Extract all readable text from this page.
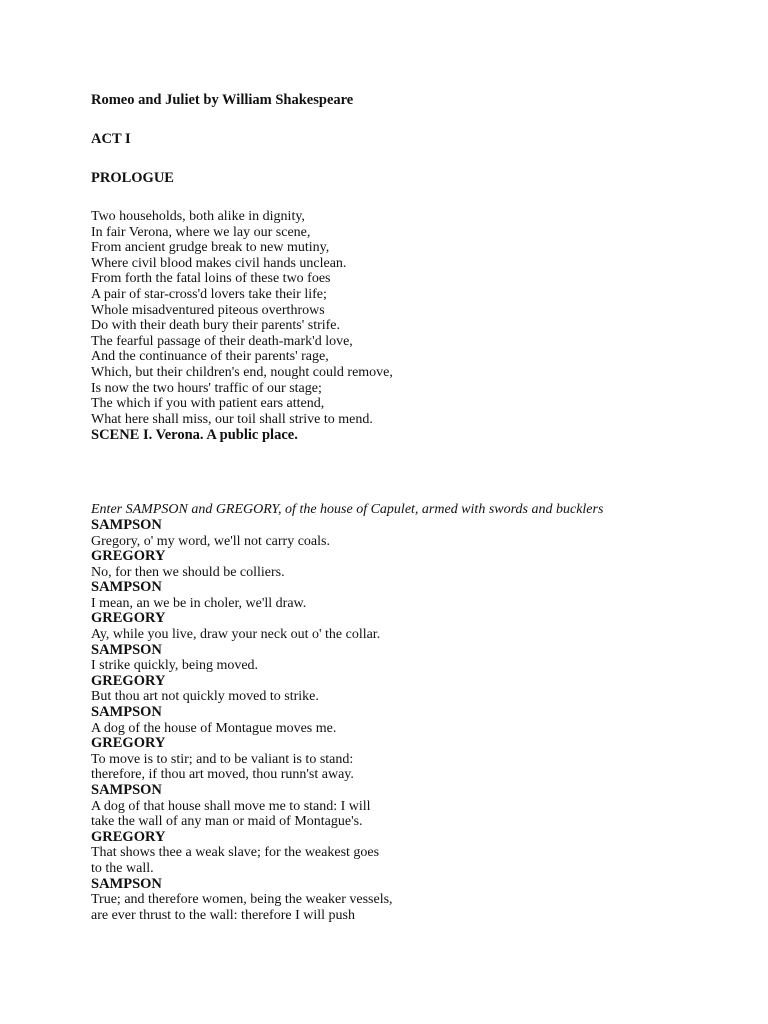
Romeo and Juliet by William Shakespeare
ACT I
PROLOGUE
Two households, both alike in dignity,
In fair Verona, where we lay our scene,
From ancient grudge break to new mutiny,
Where civil blood makes civil hands unclean.
From forth the fatal loins of these two foes
A pair of star-cross'd lovers take their life;
Whole misadventured piteous overthrows
Do with their death bury their parents' strife.
The fearful passage of their death-mark'd love,
And the continuance of their parents' rage,
Which, but their children's end, nought could remove,
Is now the two hours' traffic of our stage;
The which if you with patient ears attend,
What here shall miss, our toil shall strive to mend.
SCENE I. Verona. A public place.
Enter SAMPSON and GREGORY, of the house of Capulet, armed with swords and bucklers
SAMPSON
Gregory, o' my word, we'll not carry coals.
GREGORY
No, for then we should be colliers.
SAMPSON
I mean, an we be in choler, we'll draw.
GREGORY
Ay, while you live, draw your neck out o' the collar.
SAMPSON
I strike quickly, being moved.
GREGORY
But thou art not quickly moved to strike.
SAMPSON
A dog of the house of Montague moves me.
GREGORY
To move is to stir; and to be valiant is to stand:
therefore, if thou art moved, thou runn'st away.
SAMPSON
A dog of that house shall move me to stand: I will
take the wall of any man or maid of Montague's.
GREGORY
That shows thee a weak slave; for the weakest goes
to the wall.
SAMPSON
True; and therefore women, being the weaker vessels,
are ever thrust to the wall: therefore I will push
